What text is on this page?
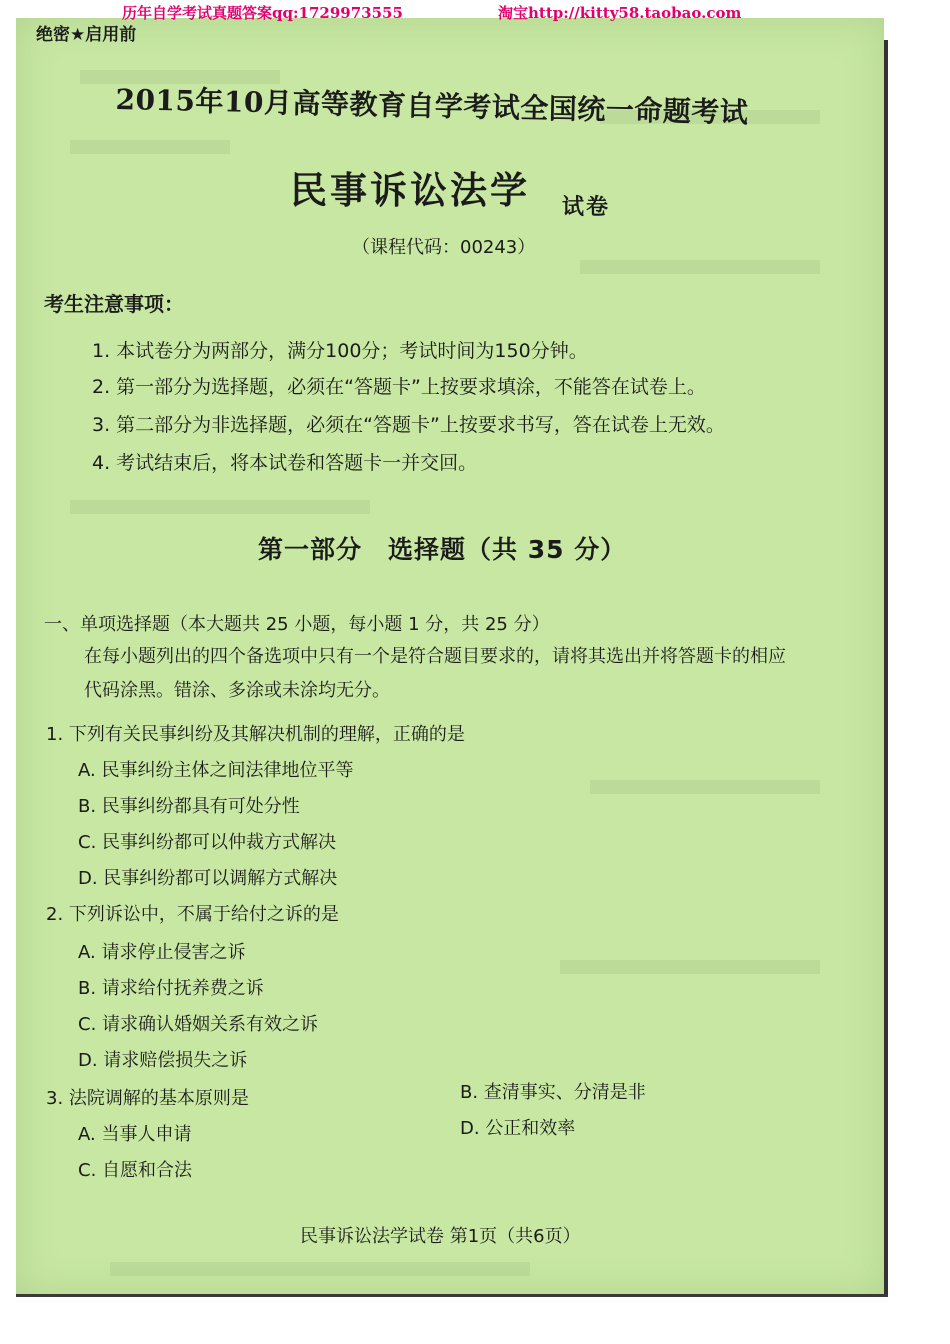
历年自学考试真题答案qq:1729973555	淘宝http://kitty58.taobao.com
绝密★启用前
2015年10月高等教育自学考试全国统一命题考试
民事诉讼法学 试卷
（课程代码：00243）
考生注意事项：
1. 本试卷分为两部分，满分100分；考试时间为150分钟。
2. 第一部分为选择题，必须在“答题卡”上按要求填涂，不能答在试卷上。
3. 第二部分为非选择题，必须在“答题卡”上按要求书写，答在试卷上无效。
4. 考试结束后，将本试卷和答题卡一并交回。
第一部分　选择题（共 35 分）
一、单项选择题（本大题共 25 小题，每小题 1 分，共 25 分）
在每小题列出的四个备选项中只有一个是符合题目要求的，请将其选出并将答题卡的相应
代码涂黑。错涂、多涂或未涂均无分。
1. 下列有关民事纠纷及其解决机制的理解，正确的是
A. 民事纠纷主体之间法律地位平等
B. 民事纠纷都具有可处分性
C. 民事纠纷都可以仲裁方式解决
D. 民事纠纷都可以调解方式解决
2. 下列诉讼中，不属于给付之诉的是
A. 请求停止侵害之诉
B. 请求给付抚养费之诉
C. 请求确认婚姻关系有效之诉
D. 请求赔偿损失之诉
3. 法院调解的基本原则是
A. 当事人申请
B. 查清事实、分清是非
C. 自愿和合法
D. 公正和效率
民事诉讼法学试卷 第1页（共6页）
